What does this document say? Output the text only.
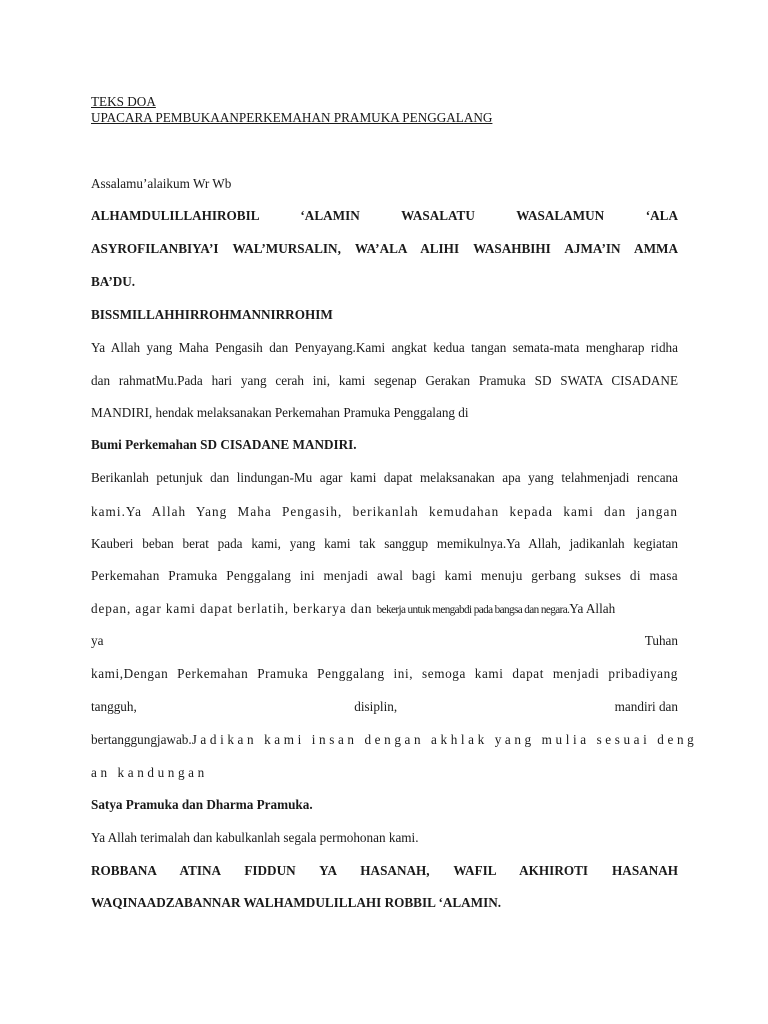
TEKS DOA
UPACARA PEMBUKAANPERKEMAHAN PRAMUKA PENGGALANG
Assalamu’alaikum Wr Wb
ALHAMDULILLAHIROBIL ‘ALAMIN WASALATU WASALAMUN ‘ALA
ASYROFILANBIYA’I WAL’MURSALIN, WA’ALA ALIHI WASAHBIHI AJMA’IN AMMA
BA’DU.
BISSMILLAHHIRROHMANNIRROHIM
Ya Allah yang Maha Pengasih dan Penyayang.Kami angkat kedua tangan semata-mata mengharap ridha
dan rahmatMu.Pada hari yang cerah ini, kami segenap Gerakan Pramuka SD SWATA CISADANE
MANDIRI, hendak melaksanakan Perkemahan Pramuka Penggalang di
Bumi Perkemahan SD CISADANE MANDIRI.
Berikanlah petunjuk dan lindungan-Mu agar kami dapat melaksanakan apa yang telahmenjadi rencana
kami.Ya Allah Yang Maha Pengasih, berikanlah kemudahan kepada kami dan jangan
Kauberi beban berat pada kami, yang kami tak sanggup memikulnya.Ya Allah, jadikanlah kegiatan
Perkemahan Pramuka Penggalang ini menjadi awal bagi kami menuju gerbang sukses di masa
depan, agar kami dapat berlatih, berkarya dan bekerja untuk mengabdi pada bangsa dan negara.Ya Allah
ya	Tuhan
kami,Dengan Perkemahan Pramuka Penggalang ini, semoga kami dapat menjadi pribadiyang
tangguh,	disiplin,	mandiri dan
bertanggungjawab.Jadikan kami insan dengan akhlak yang mulia sesuai deng
an kandungan
Satya Pramuka dan Dharma Pramuka.
Ya Allah terimalah dan kabulkanlah segala permohonan kami.
ROBBANA ATINA FIDDUN YA HASANAH, WAFIL AKHIROTI HASANAH
WAQINAADZABANNAR WALHAMDULILLAHI ROBBIL ‘ALAMIN.
